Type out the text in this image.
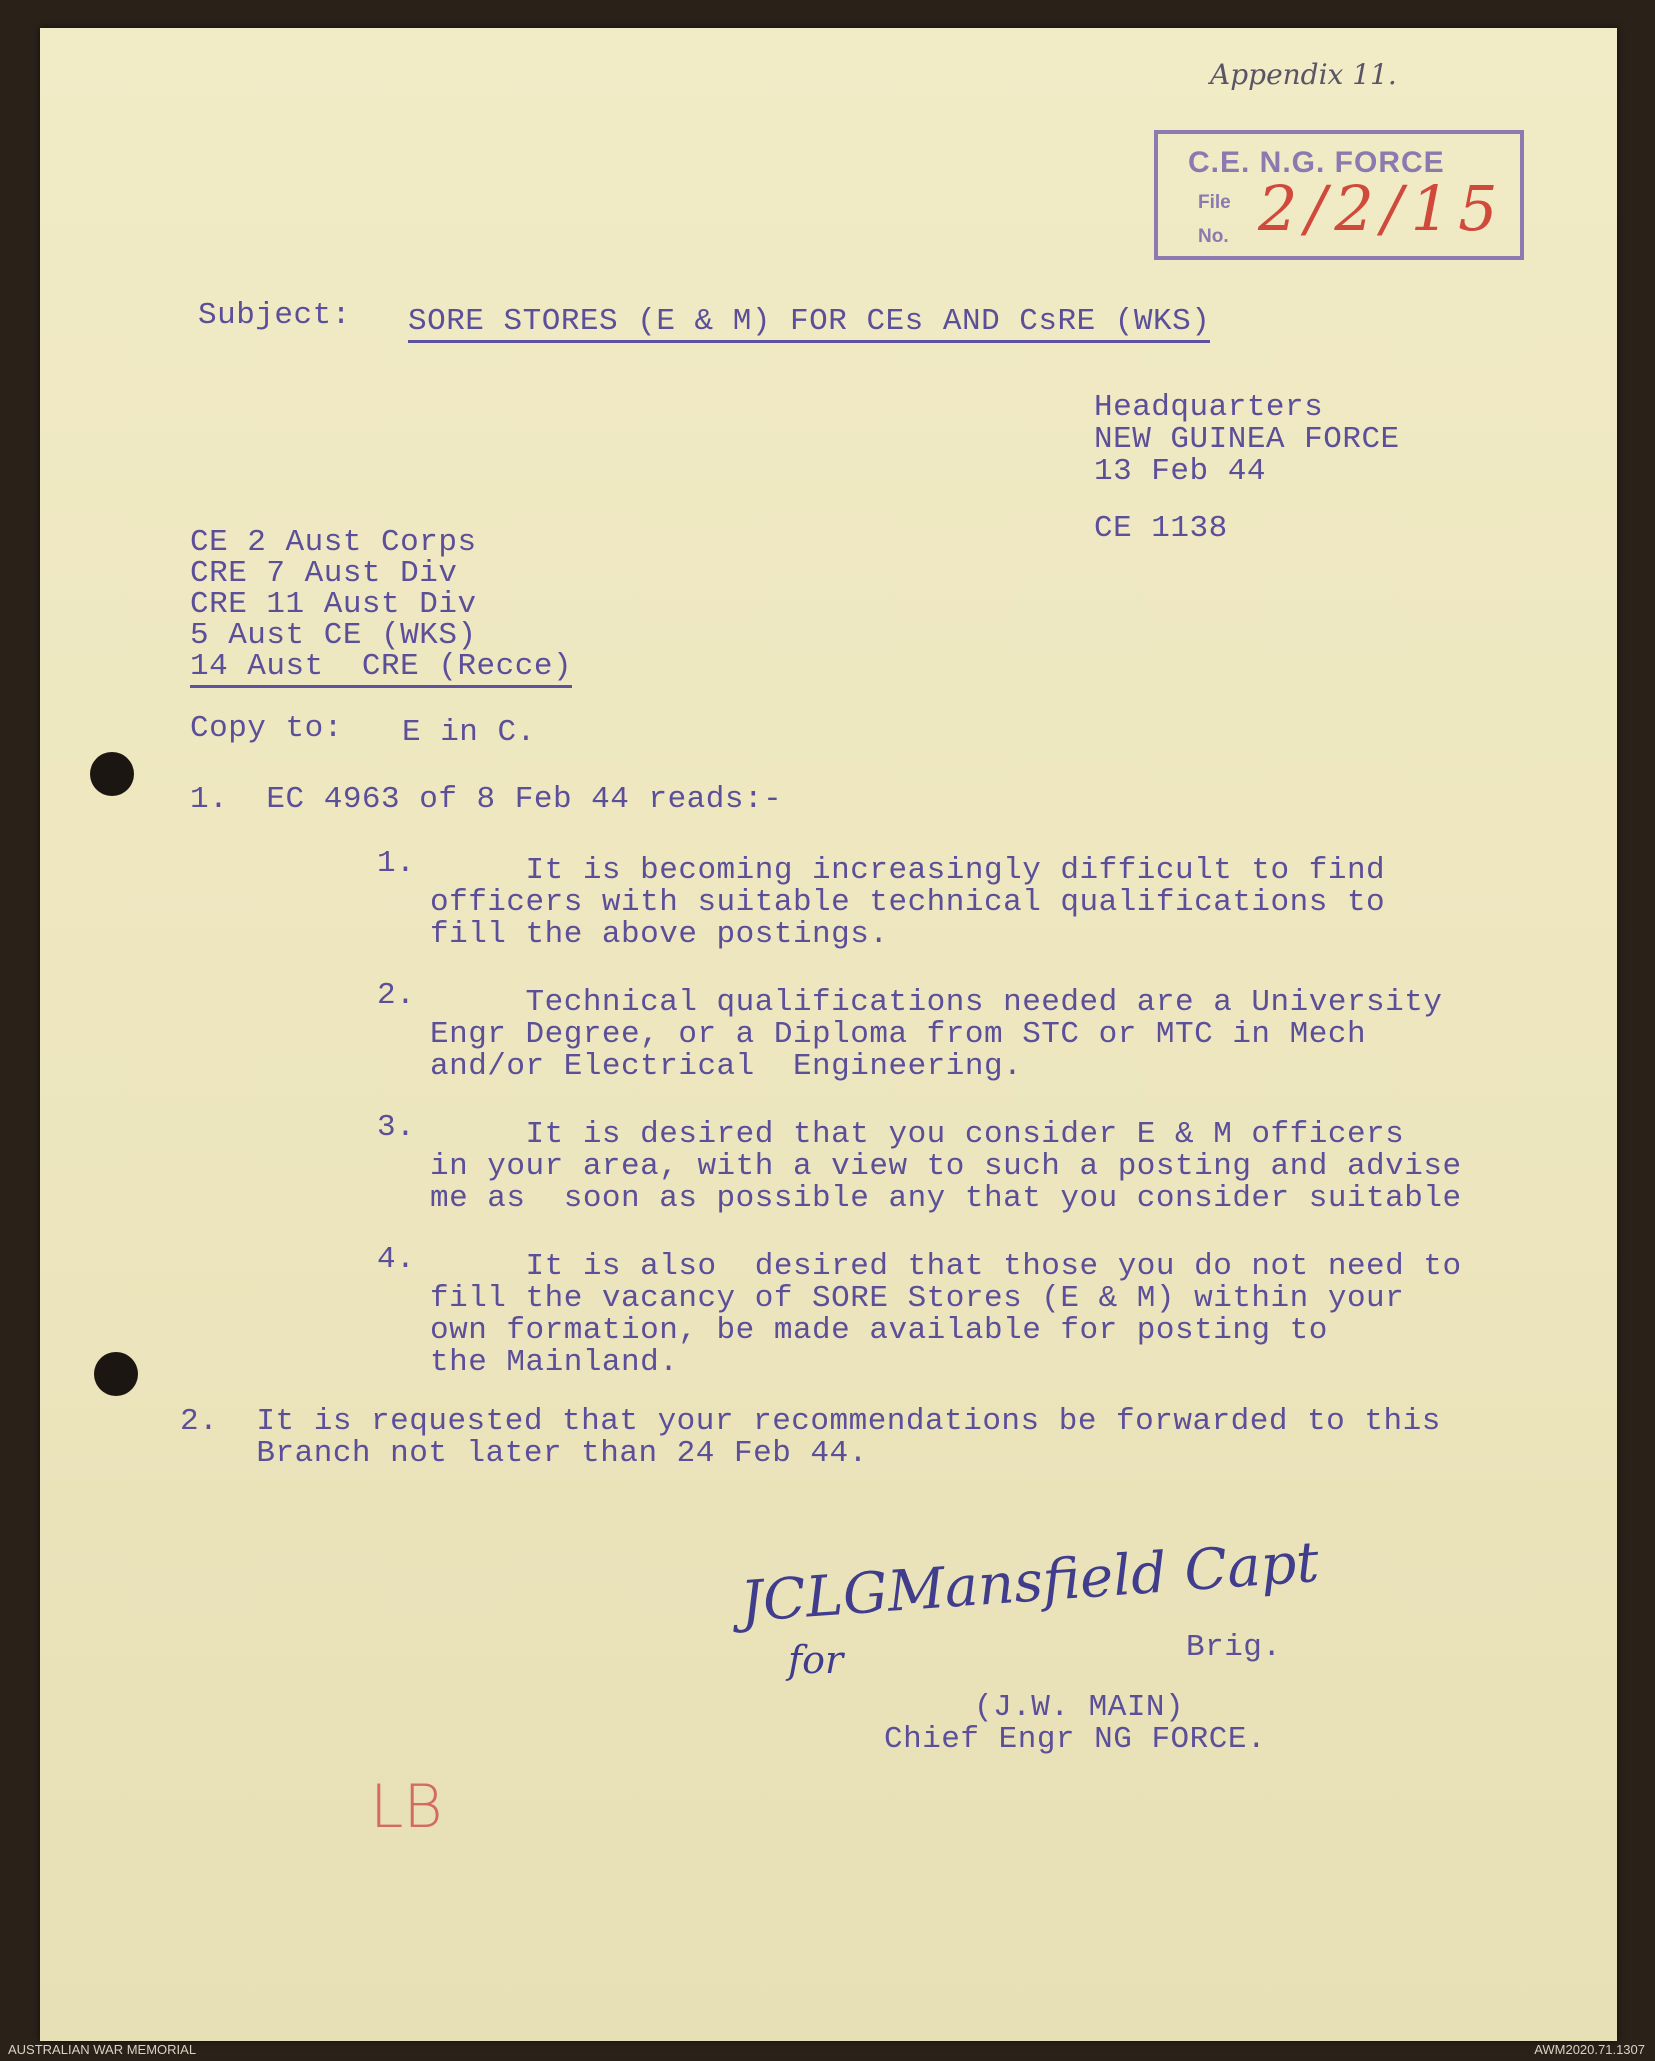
Appendix 11.
C.E. N.G. FORCE
File
No. 2/2/15
Subject: SORE STORES (E & M) FOR CEs AND CsRE (WKS)
Headquarters
NEW GUINEA FORCE
13 Feb 44
CE 1138
CE 2 Aust Corps
CRE 7 Aust Div
CRE 11 Aust Div
5 Aust CE (WKS)
14 Aust  CRE (Recce)
Copy to: E in C.
1.  EC 4963 of 8 Feb 44 reads:-
1. It is becoming increasingly difficult to find
officers with suitable technical qualifications to
fill the above postings.
2. Technical qualifications needed are a University
Engr Degree, or a Diploma from STC or MTC in Mech
and/or Electrical  Engineering.
3. It is desired that you consider E & M officers
in your area, with a view to such a posting and advise
me as  soon as possible any that you consider suitable
4. It is also  desired that those you do not need to
fill the vacancy of SORE Stores (E & M) within your
own formation, be made available for posting to
the Mainland.
2.  It is requested that your recommendations be forwarded to this
Branch not later than 24 Feb 44.
JCLGMansfield Capt
for	Brig.
(J.W. MAIN)
Chief Engr NG FORCE.
LB
AUSTRALIAN WAR MEMORIAL	AWM2020.71.1307
